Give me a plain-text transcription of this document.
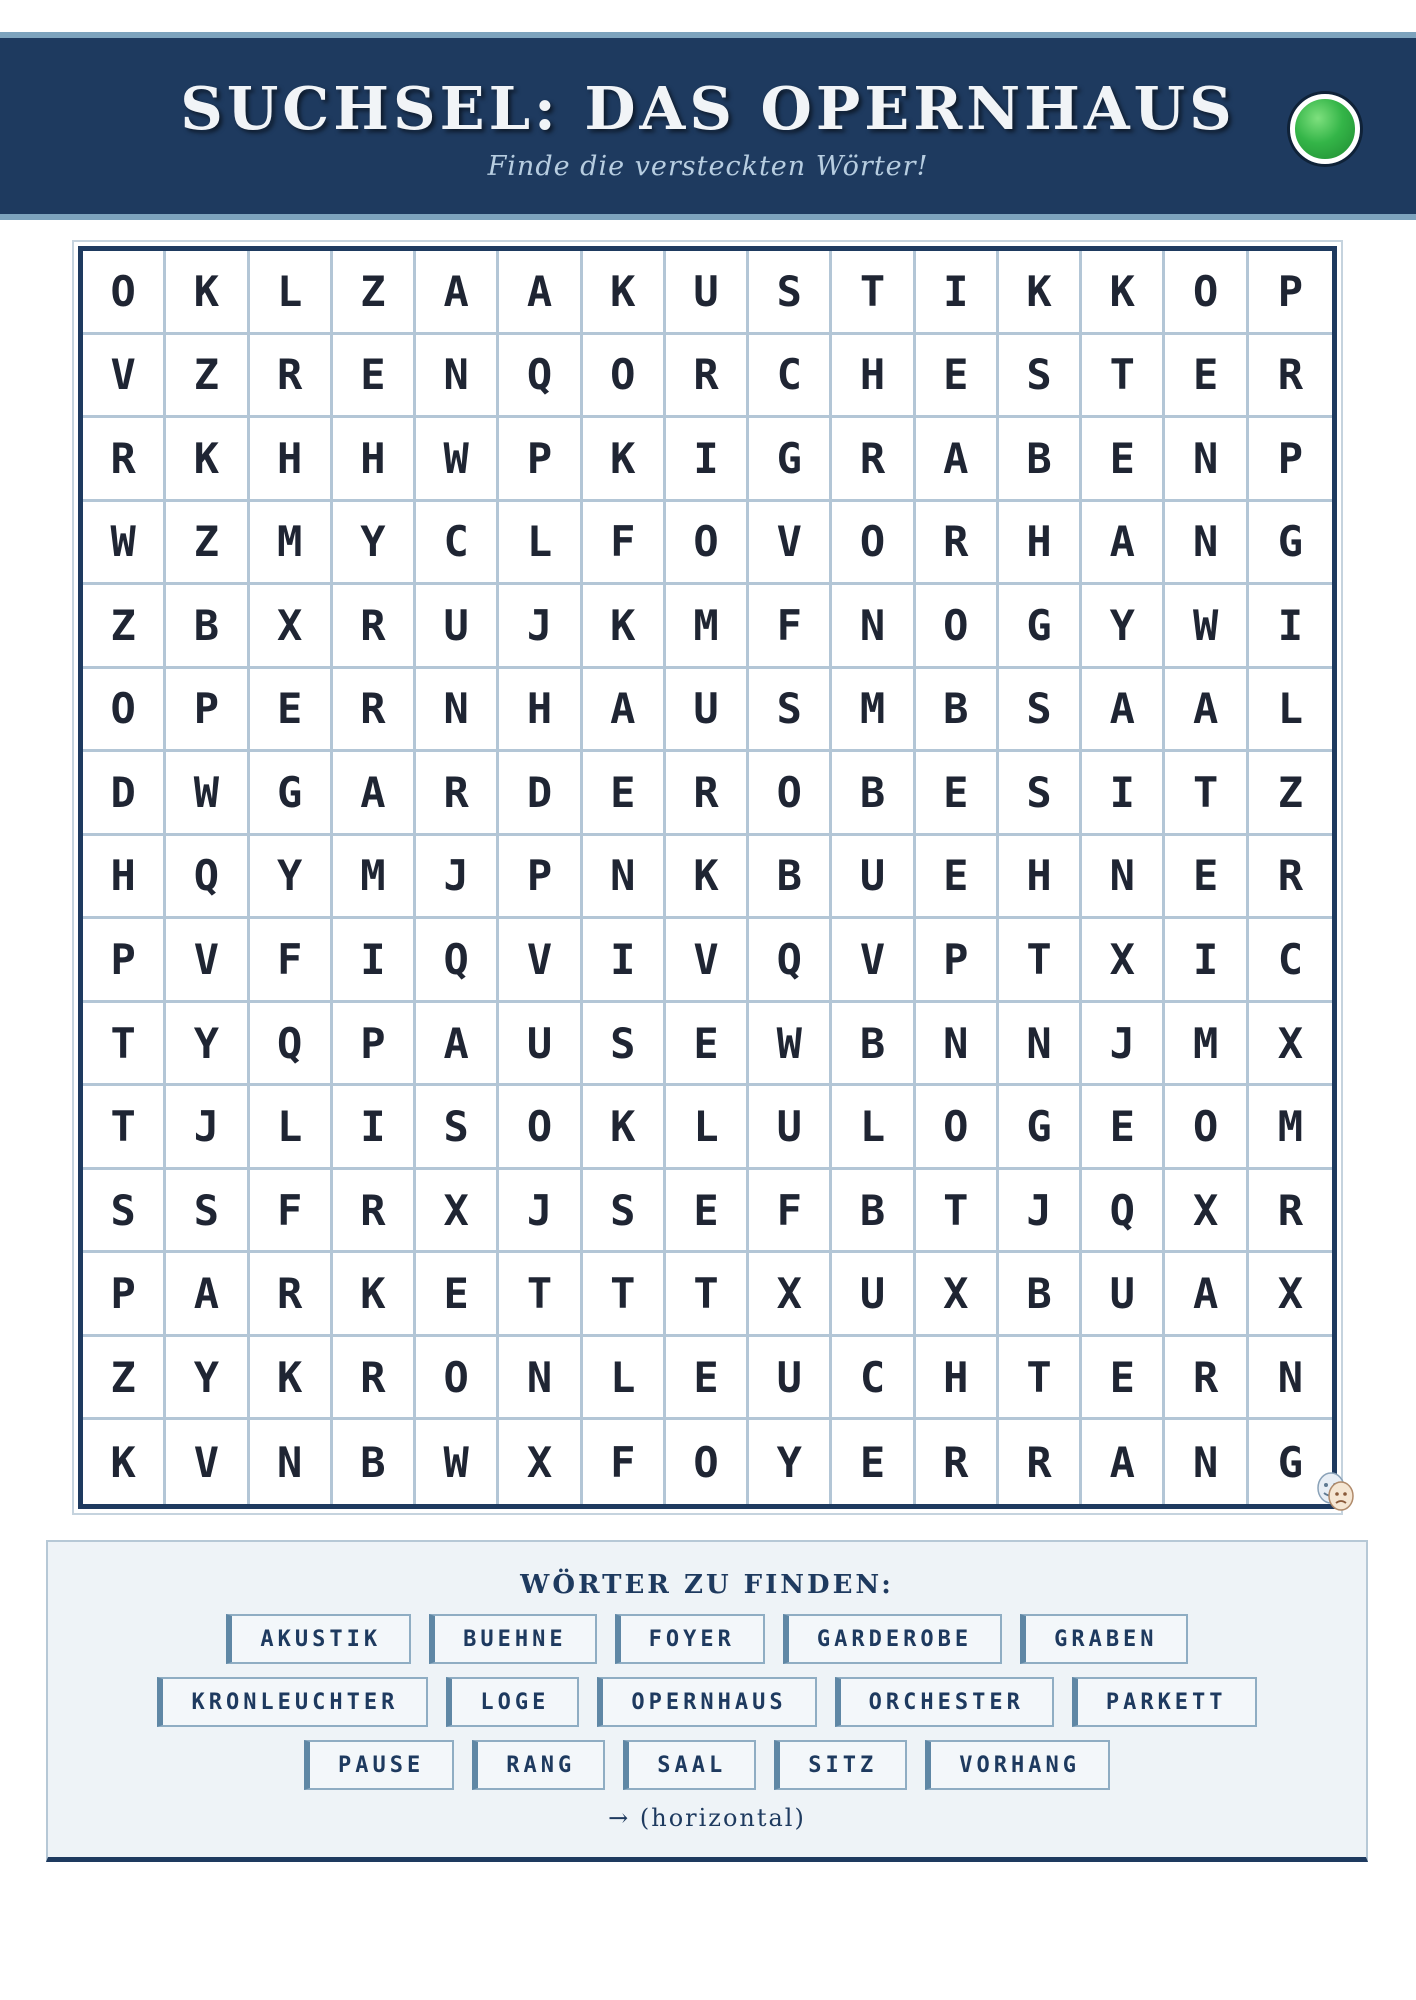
SUCHSEL: DAS OPERNHAUS
Finde die versteckten Wörter!
O	K	L	Z	A	A	K	U	S	T	I	K	K	O	P
V	Z	R	E	N	Q	O	R	C	H	E	S	T	E	R
R	K	H	H	W	P	K	I	G	R	A	B	E	N	P
W	Z	M	Y	C	L	F	O	V	O	R	H	A	N	G
Z	B	X	R	U	J	K	M	F	N	O	G	Y	W	I
O	P	E	R	N	H	A	U	S	M	B	S	A	A	L
D	W	G	A	R	D	E	R	O	B	E	S	I	T	Z
H	Q	Y	M	J	P	N	K	B	U	E	H	N	E	R
P	V	F	I	Q	V	I	V	Q	V	P	T	X	I	C
T	Y	Q	P	A	U	S	E	W	B	N	N	J	M	X
T	J	L	I	S	O	K	L	U	L	O	G	E	O	M
S	S	F	R	X	J	S	E	F	B	T	J	Q	X	R
P	A	R	K	E	T	T	T	X	U	X	B	U	A	X
Z	Y	K	R	O	N	L	E	U	C	H	T	E	R	N
K	V	N	B	W	X	F	O	Y	E	R	R	A	N	G
WÖRTER ZU FINDEN:
AKUSTIK	BUEHNE	FOYER	GARDEROBE	GRABEN
KRONLEUCHTER	LOGE	OPERNHAUS	ORCHESTER	PARKETT
PAUSE	RANG	SAAL	SITZ	VORHANG
→ (horizontal)
